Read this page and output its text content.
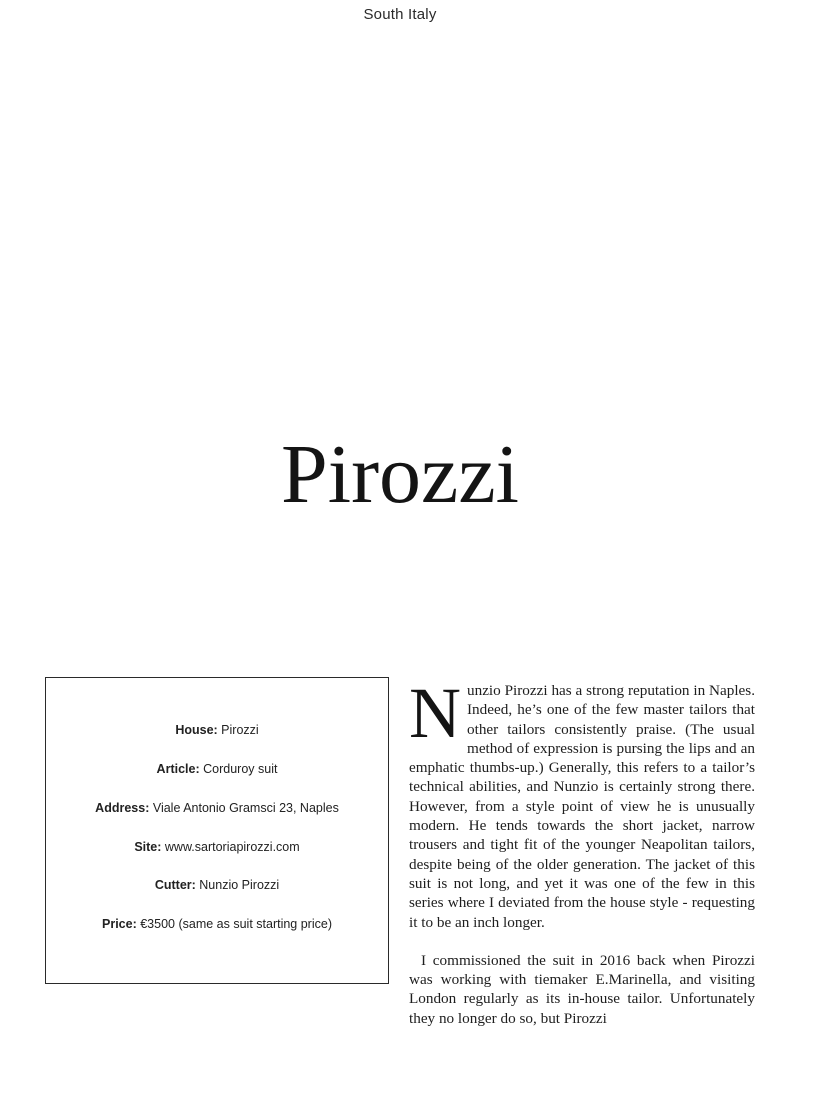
South Italy
Pirozzi
House: Pirozzi
Article: Corduroy suit
Address: Viale Antonio Gramsci 23, Naples
Site: www.sartoriapirozzi.com
Cutter: Nunzio Pirozzi
Price: €3500 (same as suit starting price)

Nunzio Pirozzi has a strong reputation in Naples. Indeed, he’s one of the few master tailors that other tailors consistently praise. (The usual method of expression is pursing the lips and an emphatic thumbs-up.) Generally, this refers to a tailor’s technical abilities, and Nunzio is certainly strong there. However, from a style point of view he is unusually modern. He tends towards the short jacket, narrow trousers and tight fit of the younger Neapolitan tailors, despite being of the older generation. The jacket of this suit is not long, and yet it was one of the few in this series where I deviated from the house style - requesting it to be an inch longer.

I commissioned the suit in 2016 back when Pirozzi was working with tiemaker E.Marinella, and visiting London regularly as its in-house tailor. Unfortunately they no longer do so, but Pirozzi
